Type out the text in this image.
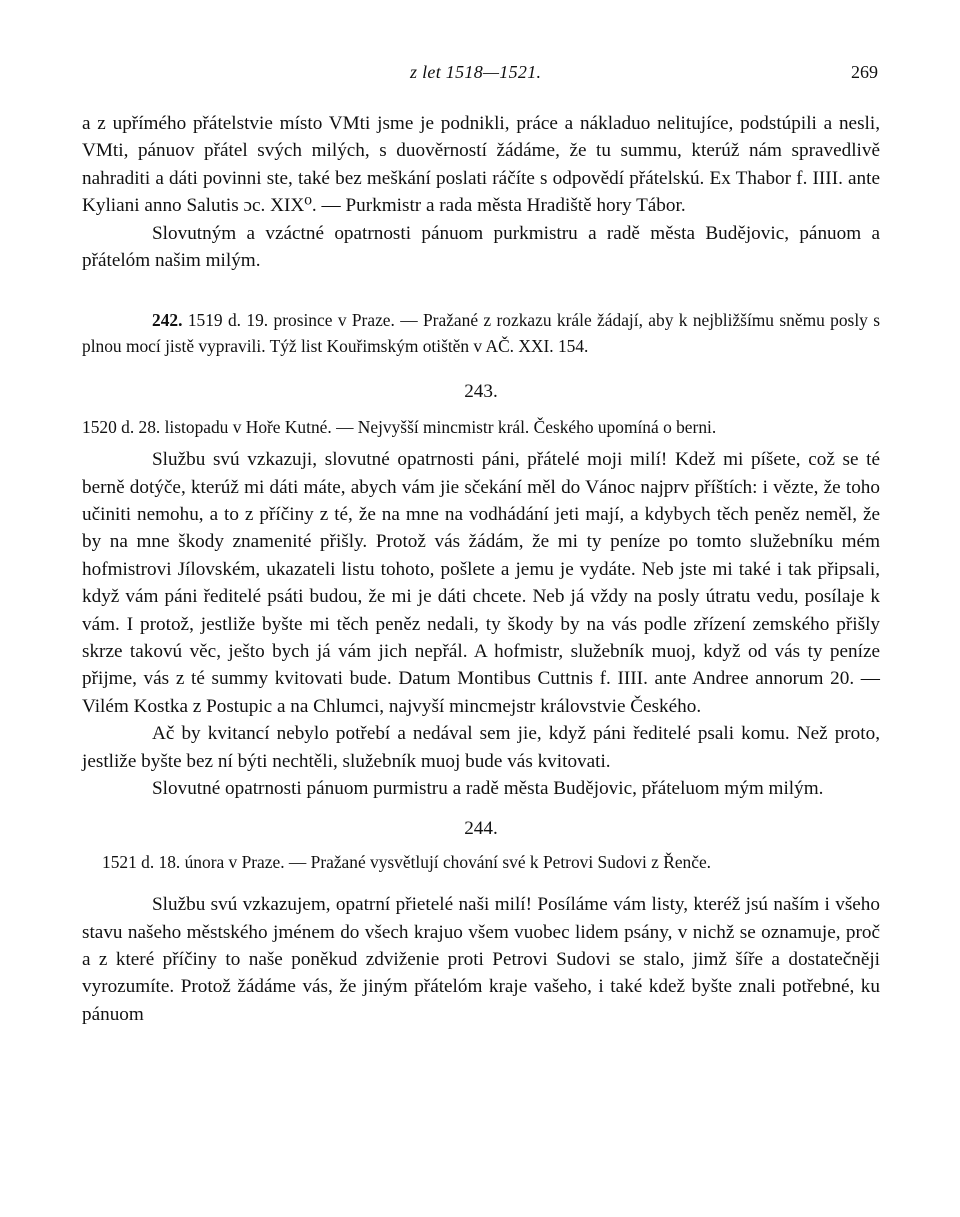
z let 1518—1521.	269

a z upřímého přátelstvie místo VMti jsme je podnikli, práce a nákladuo nelitujíce, podstúpili a nesli, VMti, pánuov přátel svých milých, s duověrností žádáme, že tu summu, kterúž nám spravedlivě nahraditi a dáti povinni ste, také bez meškání poslati ráčíte s odpovědí přátelskú. Ex Thabor f. IIII. ante Kyliani anno Salutis ɔc. XIX⁰. — Purkmistr a rada města Hradiště hory Tábor.

Slovutným a vzáctné opatrnosti pánuom purkmistru a radě města Budějovic, pánuom a přátelóm našim milým.

242. 1519 d. 19. prosince v Praze. — Pražané z rozkazu krále žádají, aby k nejbližšímu sněmu posly s plnou mocí jistě vypravili. Týž list Kouřimským otištěn v AČ. XXI. 154.

243.

1520 d. 28. listopadu v Hoře Kutné. — Nejvyšší mincmistr král. Českého upomíná o berni.

Službu svú vzkazuji, slovutné opatrnosti páni, přátelé moji milí! Kdež mi píšete, což se té berně dotýče, kterúž mi dáti máte, abych vám jie sčekání měl do Vánoc najprv příštích: i vězte, že toho učiniti nemohu, a to z příčiny z té, že na mne na vodhádání jeti mají, a kdybych těch peněz neměl, že by na mne škody znamenité přišly. Protož vás žádám, že mi ty peníze po tomto služebníku mém hofmistrovi Jílovském, ukazateli listu tohoto, pošlete a jemu je vydáte. Neb jste mi také i tak připsali, když vám páni ředitelé psáti budou, že mi je dáti chcete. Neb já vždy na posly útratu vedu, posílaje k vám. I protož, jestliže byšte mi těch peněz nedali, ty škody by na vás podle zřízení zemského přišly skrze takovú věc, ješto bych já vám jich nepřál. A hofmistr, služebník muoj, když od vás ty peníze přijme, vás z té summy kvitovati bude. Datum Montibus Cuttnis f. IIII. ante Andree annorum 20. — Vilém Kostka z Postupic a na Chlumci, najvyší mincmejstr královstvie Českého.

Ač by kvitancí nebylo potřebí a nedával sem jie, když páni ředitelé psali komu. Než proto, jestliže byšte bez ní býti nechtěli, služebník muoj bude vás kvitovati.

Slovutné opatrnosti pánuom purmistru a radě města Budějovic, přáteluom mým milým.

244.

1521 d. 18. února v Praze. — Pražané vysvětlují chování své k Petrovi Sudovi z Řenče.

Službu svú vzkazujem, opatrní přietelé naši milí! Posíláme vám listy, kteréž jsú naším i všeho stavu našeho městského jménem do všech krajuo všem vuobec lidem psány, v nichž se oznamuje, proč a z které příčiny to naše poněkud zdviženie proti Petrovi Sudovi se stalo, jimž šíře a dostatečněji vyrozumíte. Protož žádáme vás, že jiným přátelóm kraje vašeho, i také kdež byšte znali potřebné, ku pánuom
